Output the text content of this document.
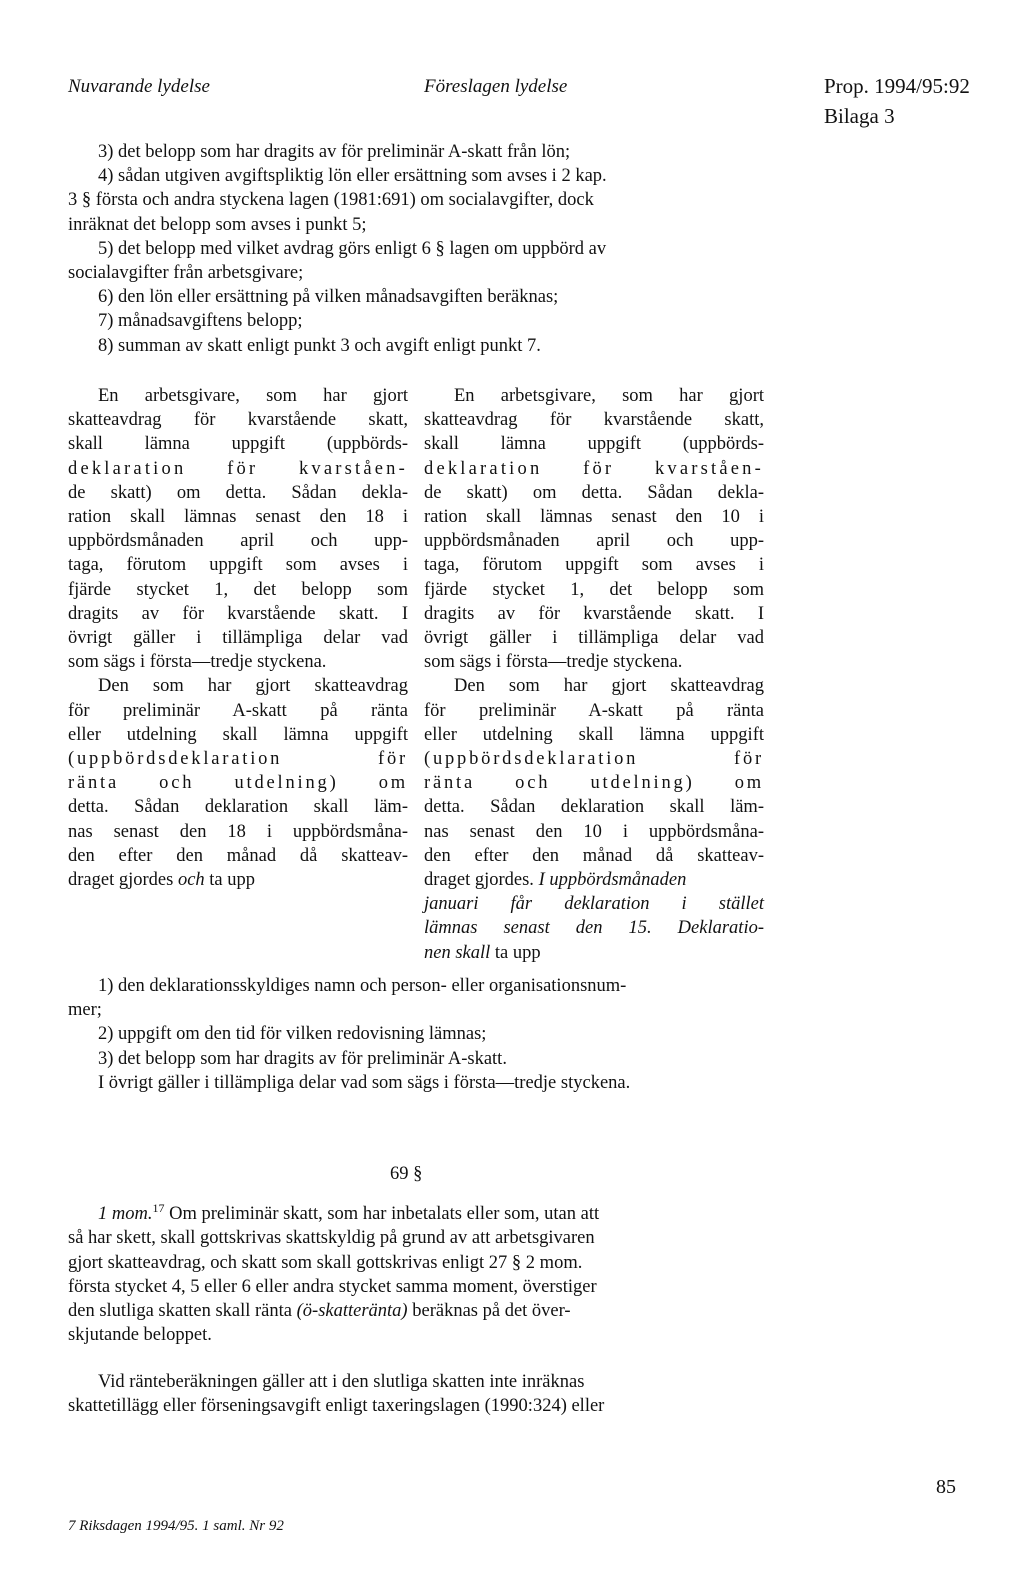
Nuvarande lydelse	Föreslagen lydelse	Prop. 1994/95:92
Bilaga 3
3) det belopp som har dragits av för preliminär A-skatt från lön;
4) sådan utgiven avgiftspliktig lön eller ersättning som avses i 2 kap.
3 § första och andra styckena lagen (1981:691) om socialavgifter, dock
inräknat det belopp som avses i punkt 5;
5) det belopp med vilket avdrag görs enligt 6 § lagen om uppbörd av
socialavgifter från arbetsgivare;
6) den lön eller ersättning på vilken månadsavgiften beräknas;
7) månadsavgiftens belopp;
8) summan av skatt enligt punkt 3 och avgift enligt punkt 7.
En arbetsgivare, som har gjort
skatteavdrag för kvarstående skatt,
skall lämna uppgift (uppbörds-
deklaration för kvarståen-
de skatt) om detta. Sådan dekla-
ration skall lämnas senast den 18 i
uppbördsmånaden april och upp-
taga, förutom uppgift som avses i
fjärde stycket 1, det belopp som
dragits av för kvarstående skatt. I
övrigt gäller i tillämpliga delar vad
som sägs i första—tredje styckena.
Den som har gjort skatteavdrag
för preliminär A-skatt på ränta
eller utdelning skall lämna uppgift
(uppbördsdeklaration för
ränta och utdelning) om
detta. Sådan deklaration skall läm-
nas senast den 18 i uppbördsmåna-
den efter den månad då skatteav-
draget gjordes och ta upp
En arbetsgivare, som har gjort
skatteavdrag för kvarstående skatt,
skall lämna uppgift (uppbörds-
deklaration för kvarståen-
de skatt) om detta. Sådan dekla-
ration skall lämnas senast den 10 i
uppbördsmånaden april och upp-
taga, förutom uppgift som avses i
fjärde stycket 1, det belopp som
dragits av för kvarstående skatt. I
övrigt gäller i tillämpliga delar vad
som sägs i första—tredje styckena.
Den som har gjort skatteavdrag
för preliminär A-skatt på ränta
eller utdelning skall lämna uppgift
(uppbördsdeklaration för
ränta och utdelning) om
detta. Sådan deklaration skall läm-
nas senast den 10 i uppbördsmåna-
den efter den månad då skatteav-
draget gjordes. I uppbördsmånaden
januari får deklaration i stället
lämnas senast den 15. Deklaratio-
nen skall ta upp
1) den deklarationsskyldiges namn och person- eller organisationsnum-
mer;
2) uppgift om den tid för vilken redovisning lämnas;
3) det belopp som har dragits av för preliminär A-skatt.
I övrigt gäller i tillämpliga delar vad som sägs i första—tredje styckena.
69 §
1 mom.$^{17}$ Om preliminär skatt, som har inbetalats eller som, utan att
så har skett, skall gottskrivas skattskyldig på grund av att arbetsgivaren
gjort skatteavdrag, och skatt som skall gottskrivas enligt 27 § 2 mom.
första stycket 4, 5 eller 6 eller andra stycket samma moment, överstiger
den slutliga skatten skall ränta (ö-skatteränta) beräknas på det över-
skjutande beloppet.
Vid ränteberäkningen gäller att i den slutliga skatten inte inräknas
skattetillägg eller förseningsavgift enligt taxeringslagen (1990:324) eller
85
7 Riksdagen 1994/95. 1 saml. Nr 92
